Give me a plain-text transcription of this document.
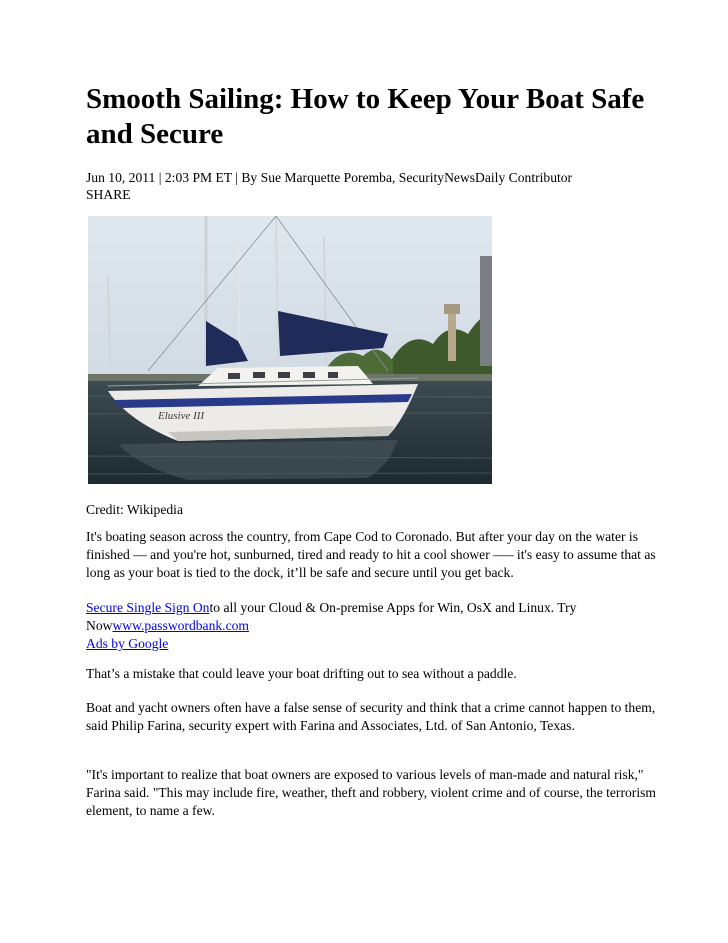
Smooth Sailing: How to Keep Your Boat Safe and Secure
Jun 10, 2011 | 2:03 PM ET | By Sue Marquette Poremba, SecurityNewsDaily Contributor
SHARE
Elusive III
Credit: Wikipedia

It's boating season across the country, from Cape Cod to Coronado. But after your day on the water is finished — and you're hot, sunburned, tired and ready to hit a cool shower —– it's easy to assume that as long as your boat is tied to the dock, it’ll be safe and secure until you get back.

Secure Single Sign Onto all your Cloud & On-premise Apps for Win, OsX and Linux. Try Nowwww.passwordbank.com
Ads by Google

That’s a mistake that could leave your boat drifting out to sea without a paddle.

Boat and yacht owners often have a false sense of security and think that a crime cannot happen to them, said Philip Farina, security expert with Farina and Associates, Ltd. of San Antonio, Texas.

"It's important to realize that boat owners are exposed to various levels of man-made and natural risk," Farina said. "This may include fire, weather, theft and robbery, violent crime and of course, the terrorism element, to name a few.
